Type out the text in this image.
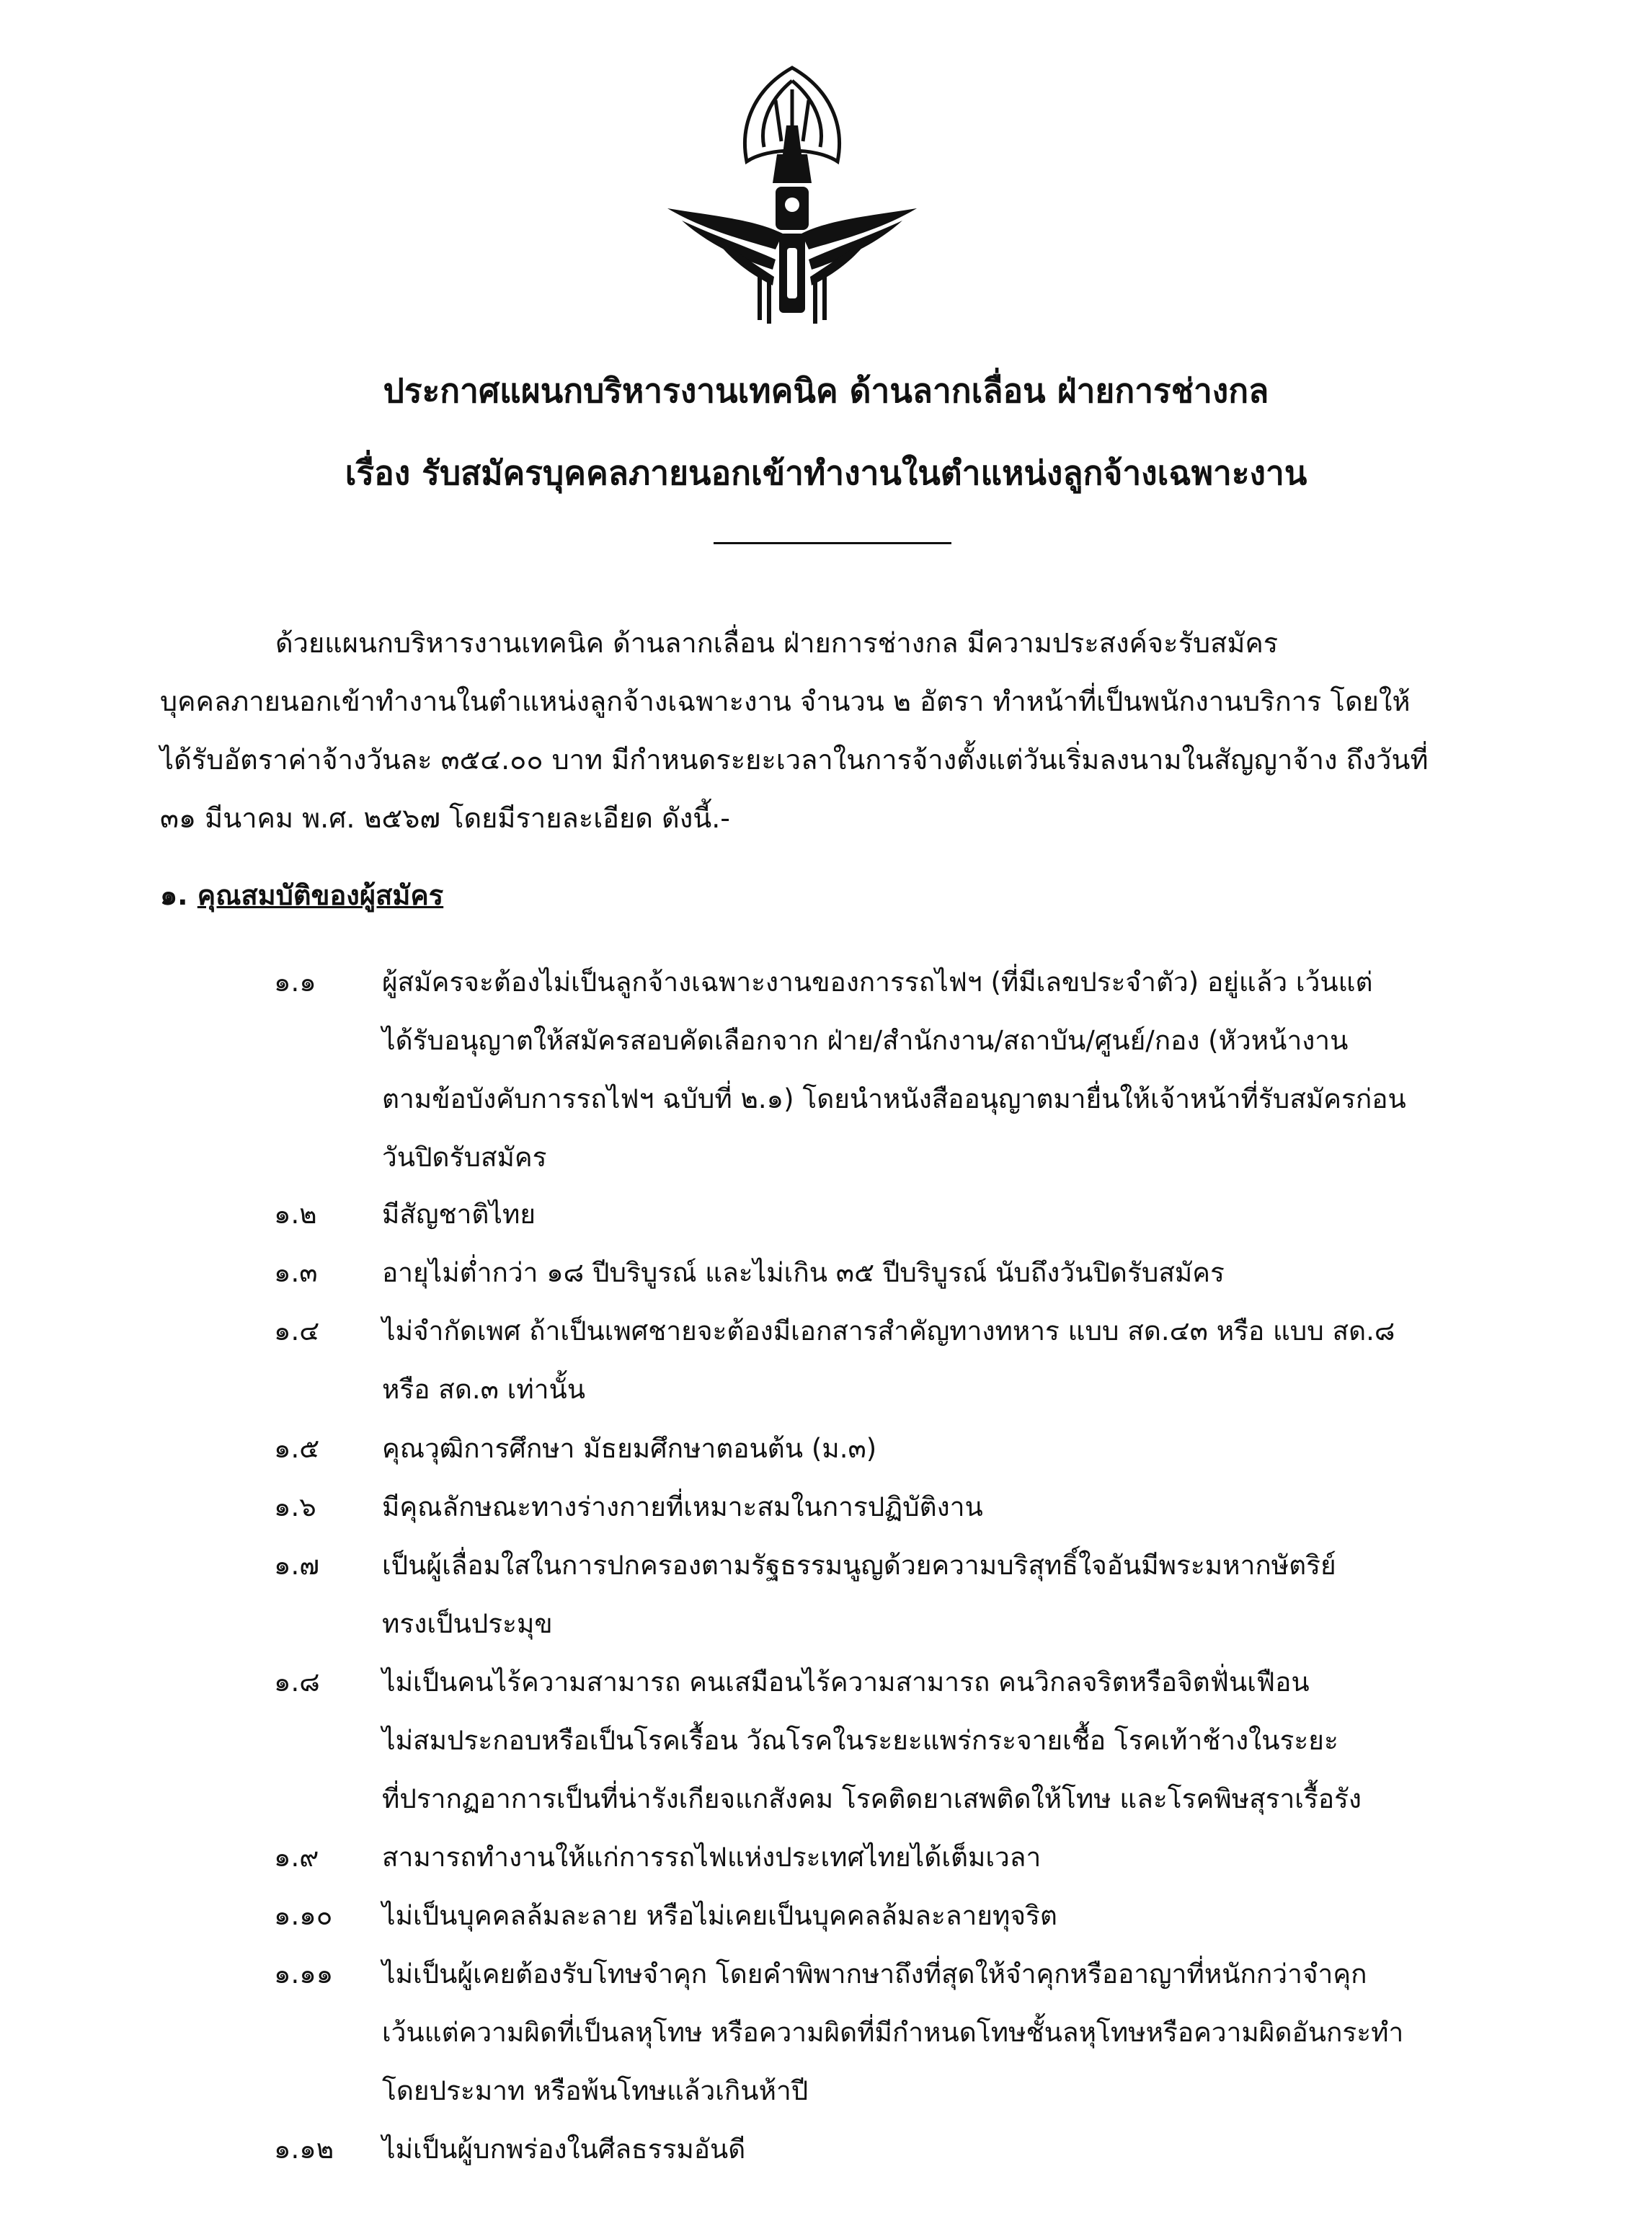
ประกาศแผนกบริหารงานเทคนิค ด้านลากเลื่อน ฝ่ายการช่างกล
เรื่อง รับสมัครบุคคลภายนอกเข้าทำงานในตำแหน่งลูกจ้างเฉพาะงาน
ด้วยแผนกบริหารงานเทคนิค ด้านลากเลื่อน ฝ่ายการช่างกล มีความประสงค์จะรับสมัคร
บุคคลภายนอกเข้าทำงานในตำแหน่งลูกจ้างเฉพาะงาน จำนวน ๒ อัตรา ทำหน้าที่เป็นพนักงานบริการ โดยให้
ได้รับอัตราค่าจ้างวันละ ๓๕๔.๐๐ บาท มีกำหนดระยะเวลาในการจ้างตั้งแต่วันเริ่มลงนามในสัญญาจ้าง ถึงวันที่
๓๑ มีนาคม พ.ศ. ๒๕๖๗ โดยมีรายละเอียด ดังนี้.-
๑. คุณสมบัติของผู้สมัคร
๑.๑ ผู้สมัครจะต้องไม่เป็นลูกจ้างเฉพาะงานของการรถไฟฯ (ที่มีเลขประจำตัว) อยู่แล้ว เว้นแต่
ได้รับอนุญาตให้สมัครสอบคัดเลือกจาก ฝ่าย/สำนักงาน/สถาบัน/ศูนย์/กอง (หัวหน้างาน
ตามข้อบังคับการรถไฟฯ ฉบับที่ ๒.๑) โดยนำหนังสืออนุญาตมายื่นให้เจ้าหน้าที่รับสมัครก่อน
วันปิดรับสมัคร
๑.๒ มีสัญชาติไทย
๑.๓ อายุไม่ต่ำกว่า ๑๘ ปีบริบูรณ์ และไม่เกิน ๓๕ ปีบริบูรณ์ นับถึงวันปิดรับสมัคร
๑.๔ ไม่จำกัดเพศ ถ้าเป็นเพศชายจะต้องมีเอกสารสำคัญทางทหาร แบบ สด.๔๓ หรือ แบบ สด.๘
หรือ สด.๓ เท่านั้น
๑.๕ คุณวุฒิการศึกษา มัธยมศึกษาตอนต้น (ม.๓)
๑.๖ มีคุณลักษณะทางร่างกายที่เหมาะสมในการปฏิบัติงาน
๑.๗ เป็นผู้เลื่อมใสในการปกครองตามรัฐธรรมนูญด้วยความบริสุทธิ์ใจอันมีพระมหากษัตริย์
ทรงเป็นประมุข
๑.๘ ไม่เป็นคนไร้ความสามารถ คนเสมือนไร้ความสามารถ คนวิกลจริตหรือจิตฟั่นเฟือน
ไม่สมประกอบหรือเป็นโรคเรื้อน วัณโรคในระยะแพร่กระจายเชื้อ โรคเท้าช้างในระยะ
ที่ปรากฏอาการเป็นที่น่ารังเกียจแกสังคม โรคติดยาเสพติดให้โทษ และโรคพิษสุราเรื้อรัง
๑.๙ สามารถทำงานให้แก่การรถไฟแห่งประเทศไทยได้เต็มเวลา
๑.๑๐ ไม่เป็นบุคคลล้มละลาย หรือไม่เคยเป็นบุคคลล้มละลายทุจริต
๑.๑๑ ไม่เป็นผู้เคยต้องรับโทษจำคุก โดยคำพิพากษาถึงที่สุดให้จำคุกหรืออาญาที่หนักกว่าจำคุก
เว้นแต่ความผิดที่เป็นลหุโทษ หรือความผิดที่มีกำหนดโทษชั้นลหุโทษหรือความผิดอันกระทำ
โดยประมาท หรือพ้นโทษแล้วเกินห้าปี
๑.๑๒ ไม่เป็นผู้บกพร่องในศีลธรรมอันดี
